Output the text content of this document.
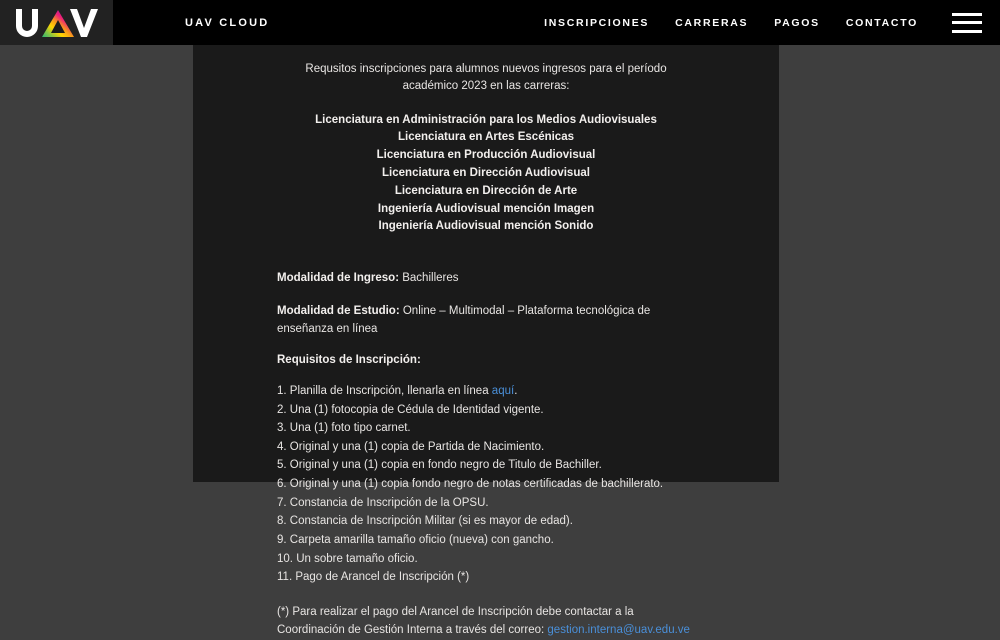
UAV CLOUD	INSCRIPCIONES CARRERAS PAGOS CONTACTO

Requsitos inscripciones para alumnos nuevos ingresos para el período académico 2023 en las carreras:

Licenciatura en Administración para los Medios Audiovisuales
Licenciatura en Artes Escénicas
Licenciatura en Producción Audiovisual
Licenciatura en Dirección Audiovisual
Licenciatura en Dirección de Arte
Ingeniería Audiovisual mención Imagen
Ingeniería Audiovisual mención Sonido

Modalidad de Ingreso: Bachilleres

Modalidad de Estudio: Online – Multimodal – Plataforma tecnológica de enseñanza en línea

Requisitos de Inscripción:

1. Planilla de Inscripción, llenarla en línea aquí.
2. Una (1) fotocopia de Cédula de Identidad vigente.
3. Una (1) foto tipo carnet.
4. Original y una (1) copia de Partida de Nacimiento.
5. Original y una (1) copia en fondo negro de Titulo de Bachiller.
6. Original y una (1) copia fondo negro de notas certificadas de bachillerato.
7. Constancia de Inscripción de la OPSU.
8. Constancia de Inscripción Militar (si es mayor de edad).
9. Carpeta amarilla tamaño oficio (nueva) con gancho.
10. Un sobre tamaño oficio.
11. Pago de Arancel de Inscripción (*)

(*) Para realizar el pago del Arancel de Inscripción debe contactar a la Coordinación de Gestión Interna a través del correo: gestion.interna@uav.edu.ve
